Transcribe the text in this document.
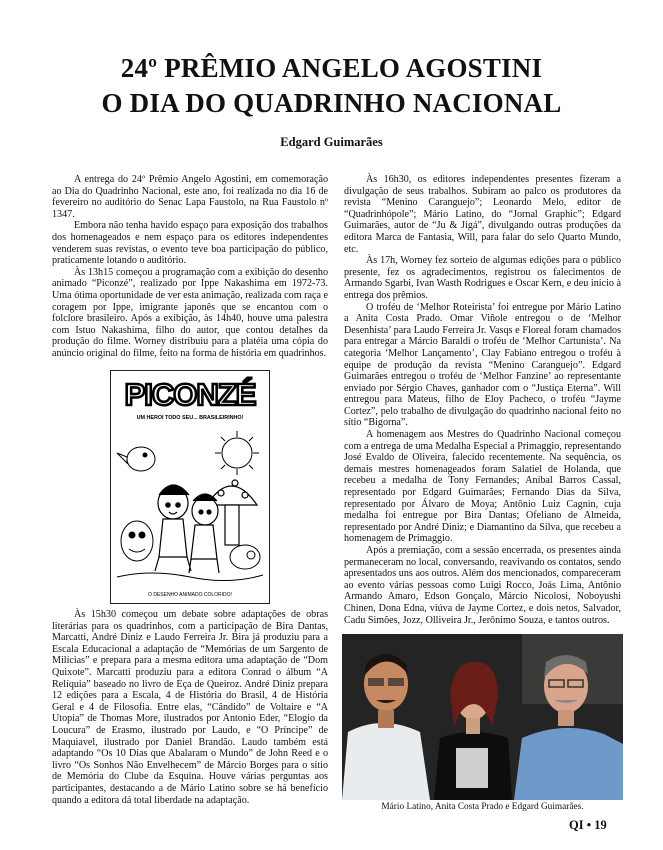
24º PRÊMIO ANGELO AGOSTINI
O DIA DO QUADRINHO NACIONAL
Edgard Guimarães

A entrega do 24º Prêmio Angelo Agostini, em comemoração ao Dia do Quadrinho Nacional, este ano, foi realizada no dia 16 de fevereiro no auditório do Senac Lapa Faustolo, na Rua Faustolo nº 1347.

Embora não tenha havido espaço para exposição dos trabalhos dos homenageados e nem espaço para os editores independentes venderem suas revistas, o evento teve boa participação do público, praticamente lotando o auditório.

Às 13h15 começou a programação com a exibição do desenho animado “Piconzé”, realizado por Ippe Nakashima em 1972-73. Uma ótima oportunidade de ver esta animação, realizada com raça e coragem por Ippe, imigrante japonês que se encantou com o folclore brasileiro. Após a exibição, às 14h40, houve uma palestra com Istuo Nakashima, filho do autor, que contou detalhes da produção do filme. Worney distribuiu para a platéia uma cópia do anúncio original do filme, feito na forma de história em quadrinhos.

PICONZÉ
UM HEROI TODO SEU... BRASILEIRINHO!
O DESENHO ANIMADO COLORIDO!

Às 15h30 começou um debate sobre adaptações de obras literárias para os quadrinhos, com a participação de Bira Dantas, Marcatti, André Diniz e Laudo Ferreira Jr. Bira já produziu para a Escala Educacional a adaptação de “Memórias de um Sargento de Milícias” e prepara para a mesma editora uma adaptação de “Dom Quixote”. Marcatti produziu para a editora Conrad o álbum “A Relíquia” baseado no livro de Eça de Queiroz. André Diniz prepara 12 edições para a Escala, 4 de História do Brasil, 4 de História Geral e 4 de Filosofia. Entre elas, “Cândido” de Voltaire e “A Utopia” de Thomas More, ilustrados por Antonio Eder, “Elogio da Loucura” de Erasmo, ilustrado por Laudo, e “O Príncipe” de Maquiavel, ilustrado por Daniel Brandão. Laudo também está adaptando “Os 10 Dias que Abalaram o Mundo” de John Reed e o livro “Os Sonhos Não Envelhecem” de Márcio Borges para o sítio de Memória do Clube da Esquina. Houve várias perguntas aos participantes, destacando a de Mário Latino sobre se há benefício quando a editora dá total liberdade na adaptação.

Às 16h30, os editores independentes presentes fizeram a divulgação de seus trabalhos. Subiram ao palco os produtores da revista “Menino Caranguejo”; Leonardo Melo, editor de “Quadrinhópole”; Mário Latino, do “Jornal Graphic”; Edgard Guimarães, autor de “Ju & Jigá”, divulgando outras produções da editora Marca de Fantasia, Will, para falar do selo Quarto Mundo, etc.

Às 17h, Worney fez sorteio de algumas edições para o público presente, fez os agradecimentos, registrou os falecimentos de Armando Sgarbi, Ivan Wasth Rodrigues e Oscar Kern, e deu início à entrega dos prêmios.

O troféu de ‘Melhor Roteirista’ foi entregue por Mário Latino a Anita Costa Prado. Omar Viñole entregou o de ‘Melhor Desenhista’ para Laudo Ferreira Jr. Vasqs e Floreal foram chamados para entregar a Márcio Baraldi o troféu de ‘Melhor Cartunista’. Na categoria ‘Melhor Lançamento’, Clay Fabiano entregou o troféu à equipe de produção da revista “Menino Caranguejo”. Edgard Guimarães entregou o troféu de ‘Melhor Fanzine’ ao representante enviado por Sérgio Chaves, ganhador com o “Justiça Eterna”. Will entregou para Mateus, filho de Eloy Pacheco, o troféu “Jayme Cortez”, pelo trabalho de divulgação do quadrinho nacional feito no sítio “Bigorna”.

A homenagem aos Mestres do Quadrinho Nacional começou com a entrega de uma Medalha Especial a Primaggio, representando José Evaldo de Oliveira, falecido recentemente. Na sequência, os demais mestres homenageados foram Salatiel de Holanda, que recebeu a medalha de Tony Fernandes; Aníbal Barros Cassal, representado por Edgard Guimarães; Fernando Dias da Silva, representado por Álvaro de Moya; Antônio Luiz Cagnin, cuja medalha foi entregue por Bira Dantas; Ofeliano de Almeida, representado por André Diniz; e Diamantino da Silva, que recebeu a homenagem de Primaggio.

Após a premiação, com a sessão encerrada, os presentes ainda permaneceram no local, conversando, reavivando os contatos, sendo apresentados uns aos outros. Além dos mencionados, compareceram ao evento várias pessoas como Luigi Rocco, Joás Lima, Antônio Armando Amaro, Edson Gonçalo, Márcio Nicolosi, Noboyushi Chinen, Dona Edna, viúva de Jayme Cortez, e dois netos, Salvador, Cadu Simões, Jozz, Olliveira Jr., Jerônimo Souza, e tantos outros.

Mário Latino, Anita Costa Prado e Edgard Guimarães.
QI • 19
